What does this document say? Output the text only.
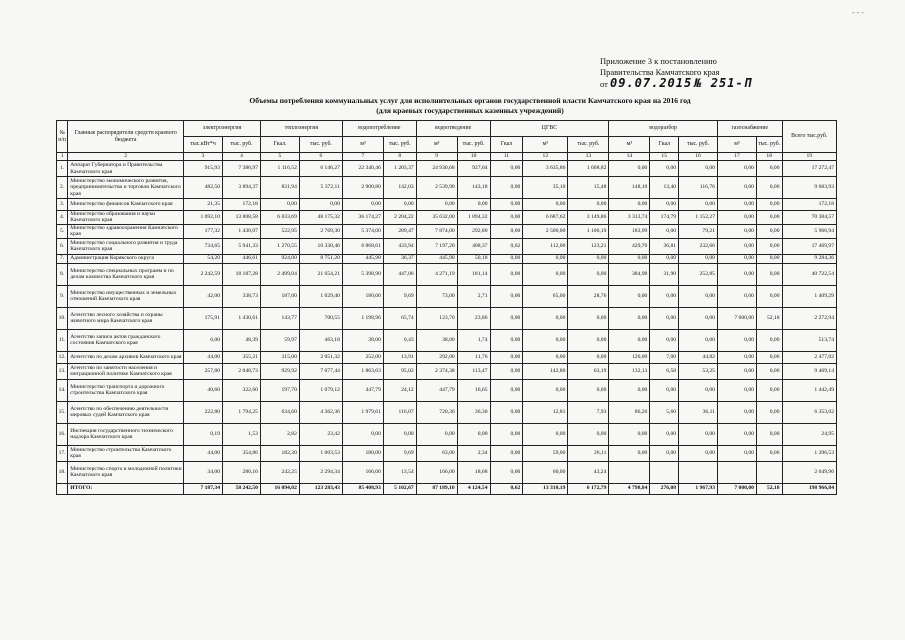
- - -
Приложение 3 к постановлению
Правительства Камчатского края
от 09.07.2015 № 251-П
Объемы потребления коммунальных услуг для исполнительных органов государственной власти Камчатского края на 2016 год
(для краевых государственных казенных учреждений)
№ п/п	Главные распорядители средств краевого бюджета	электроэнергия		теплоэнергия		водопотребление		водоотведение		ЦГВС			водоразбор			газоснабжение		Всего тыс.руб.
		тыс.кВт*ч	тыс. руб.	Гкал.	тыс. руб.	м³	тыс. руб.	м³	тыс. руб.	Гкал	м³	тыс. руб.	м³	Гкал	тыс. руб.	м³	тыс. руб.	
1	2	3	4	5	6	7	8	9	10	11	12	13	14	15	16	17	18	19
1.	Аппарат Губернатора и Правительства Камчатского края	915,93	7 386,97	1 116,52	6 146,27	22 340,46	1 203,37	24 930,68	927,04	0,00	3 635,86	1 608,82	0,00	0,00	0,00	0,00	0,00	17 272,47
2.	Министерство экономического развития, предпринимательства и торговли Камчатского края	482,50	3 894,37	831,94	5 372,11	2 900,80	142,03	2 539,90	143,18	0,00	35,10	15,48	148,10	13,40	116,76	0,00	0,00	9 683,93
3.	Министерство финансов Камчатского края	21,35	172,18	0,00	0,00	0,00	0,00	0,00	0,00	0,00	0,00	0,00	0,00	0,00	0,00	0,00	0,00	172,18
4.	Министерство образования и науки Камчатского края	1 692,10	13 808,58	6 033,69	48 175,32	36 174,27	2 204,22	35 632,00	1 894,32	0,00	6 687,62	3 149,86	3 313,74	174,79	1 152,27	0,00	0,00	70 384,57
5.	Министерство здравоохранения Камчатского края	177,32	1 430,07	522,95	2 769,30	5 374,00	289,47	7 874,00	292,80	0,00	2 500,00	1 106,19	183,99	0,00	79,21	0,00	0,00	5 966,94
6.	Министерство социального развития и труда Камчатского края	734,65	5 941,33	1 270,55	10 330,46	6 868,61	433,94	7 197,20	408,37	0,62	112,00	123,21	429,70	36,81	232,66	0,00	0,00	17 469,97
7.	Администрация Корякского округа	54,20	446,61	924,00	8 751,20	445,90	36,37	445,90	50,18	0,00	0,00	0,00	0,00	0,00	0,00	0,00	0,00	9 284,36
8.	Министерство специальных программ и по делам казачества Камчатского края	2 242,59	18 187,28	2 499,04	21 654,21	5 398,90	447,06	4 271,19	181,14	0,00	0,00	0,00	384,98	31,90	252,85	0,00	0,00	40 722,54
9.	Министерство имущественных и земельных отношений Камчатского края	42,00	338,73	187,00	1 029,40	180,00	9,69	73,00	2,71	0,00	65,00	28,76	0,00	0,00	0,00	0,00	0,00	1 409,29
10.	Агентство лесного хозяйства и охраны животного мира Камчатского края	175,91	1 430,61	143,77	700,55	1 198,96	65,74	123,70	23,86	0,00	0,00	0,00	0,00	0,00	0,00	7 000,00	52,18	2 272,94
11.	Агентство записи актов гражданского состояния Камчатского края	6,00	48,39	59,97	463,18	38,00	0,43	38,00	1,74	0,00	0,00	0,00	0,00	0,00	0,00	0,00	0,00	513,74
12.	Агентство по делам архивов Камчатского края	44,00	355,21	315,00	2 051,32	252,00	13,91	292,00	11,76	0,00	0,00	0,00	120,00	7,00	44,82	0,00	0,00	2 477,02
13.	Агентство по занятости населения и миграционной политике Камчатского края	257,80	2 048,73	929,92	7 077,44	1 863,63	95,02	2 374,38	113,47	0,00	142,80	63,19	132,13	6,58	53,25	0,00	0,00	9 469,14
14.	Министерство транспорта и дорожного строительства Камчатского края	40,60	322,60	197,70	1 079,12	447,79	24,12	447,79	16,65	0,00	0,00	0,00	0,00	0,00	0,00	0,00	0,00	1 442,49
15.	Агентство по обеспечению деятельности мировых судей Камчатского края	222,80	1 794,25	634,60	4 362,36	1 979,61	116,07	720,36	36,30	0,00	12,81	7,93	86,20	5,60	36,11	0,00	0,00	6 353,02
16.	Инспекция государственного технического надзора Камчатского края	0,19	1,53	2,82	23,42	0,00	0,00	0,00	0,00	0,00	0,00	0,00	0,00	0,00	0,00	0,00	0,00	24,95
17.	Министерство строительства Камчатского края	44,00	354,86	182,30	1 003,53	180,00	9,69	63,00	2,34	0,00	59,00	26,11	0,00	0,00	0,00	0,00	0,00	1 396,53
18.	Министерство спорта и молодежной политики Камчатского края	34,00	280,16	242,25	2 294,34	166,00	13,54	166,00	18,68	0,00	60,00	43,24						2 649,96
	ИТОГО:	7 187,34	58 242,50	16 094,02	123 283,43	85 408,93	5 102,67	87 189,10	4 124,54	0,62	13 310,19	6 172,79	4 798,84	276,08	1 967,93	7 000,00	52,18	198 966,84
